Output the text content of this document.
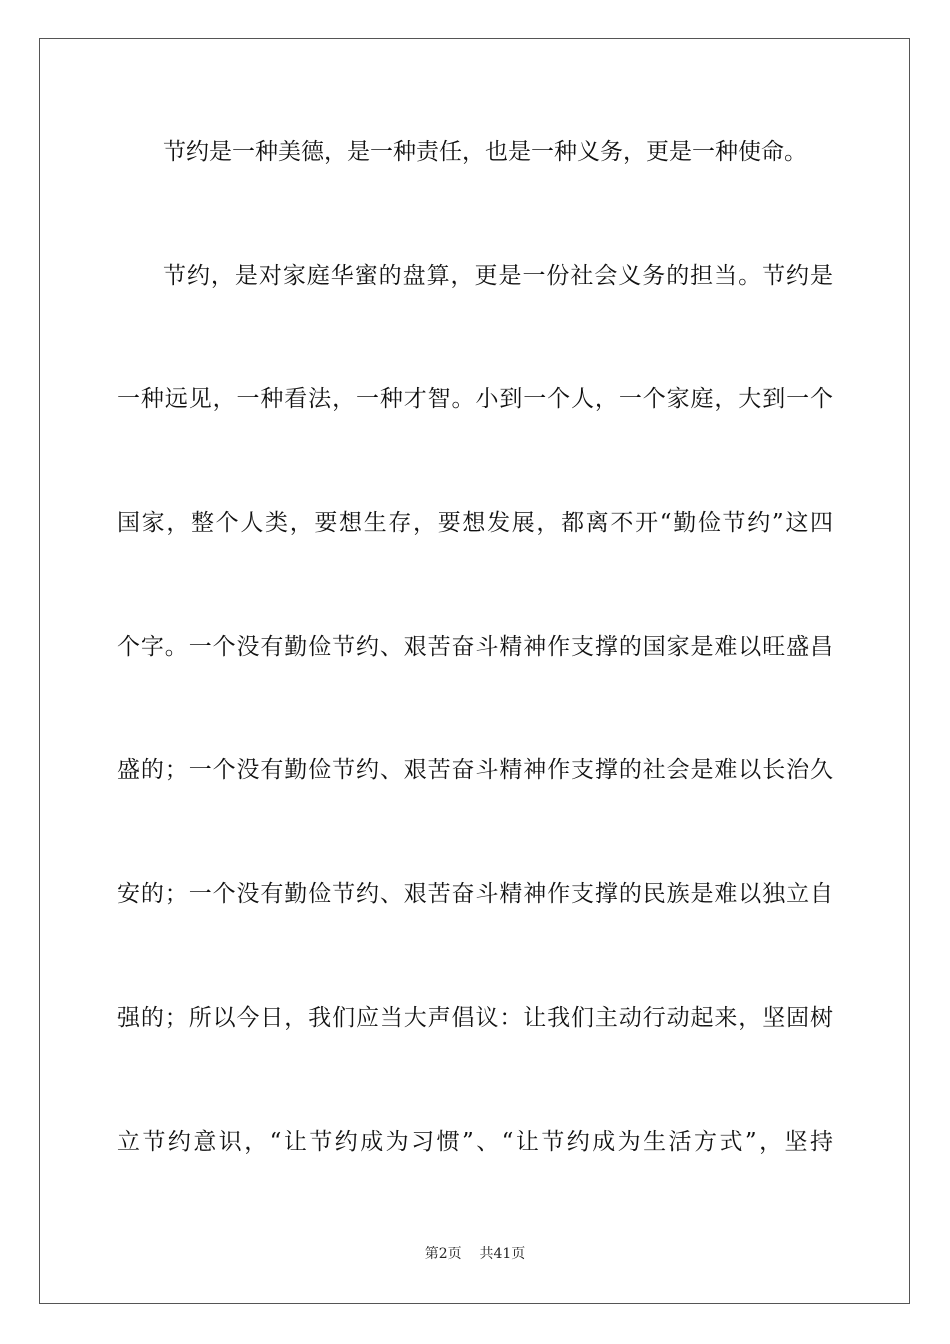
节约是一种美德，是一种责任，也是一种义务，更是一种使命。
节约，是对家庭华蜜的盘算，更是一份社会义务的担当。节约是
一种远见，一种看法，一种才智。小到一个人，一个家庭，大到一个
国家，整个人类，要想生存，要想发展，都离不开“勤俭节约”这四
个字。一个没有勤俭节约、艰苦奋斗精神作支撑的国家是难以旺盛昌
盛的；一个没有勤俭节约、艰苦奋斗精神作支撑的社会是难以长治久
安的；一个没有勤俭节约、艰苦奋斗精神作支撑的民族是难以独立自
强的；所以今日，我们应当大声倡议：让我们主动行动起来，坚固树
立节约意识，“让节约成为习惯”、“让节约成为生活方式”，坚持
第2页    共41页
